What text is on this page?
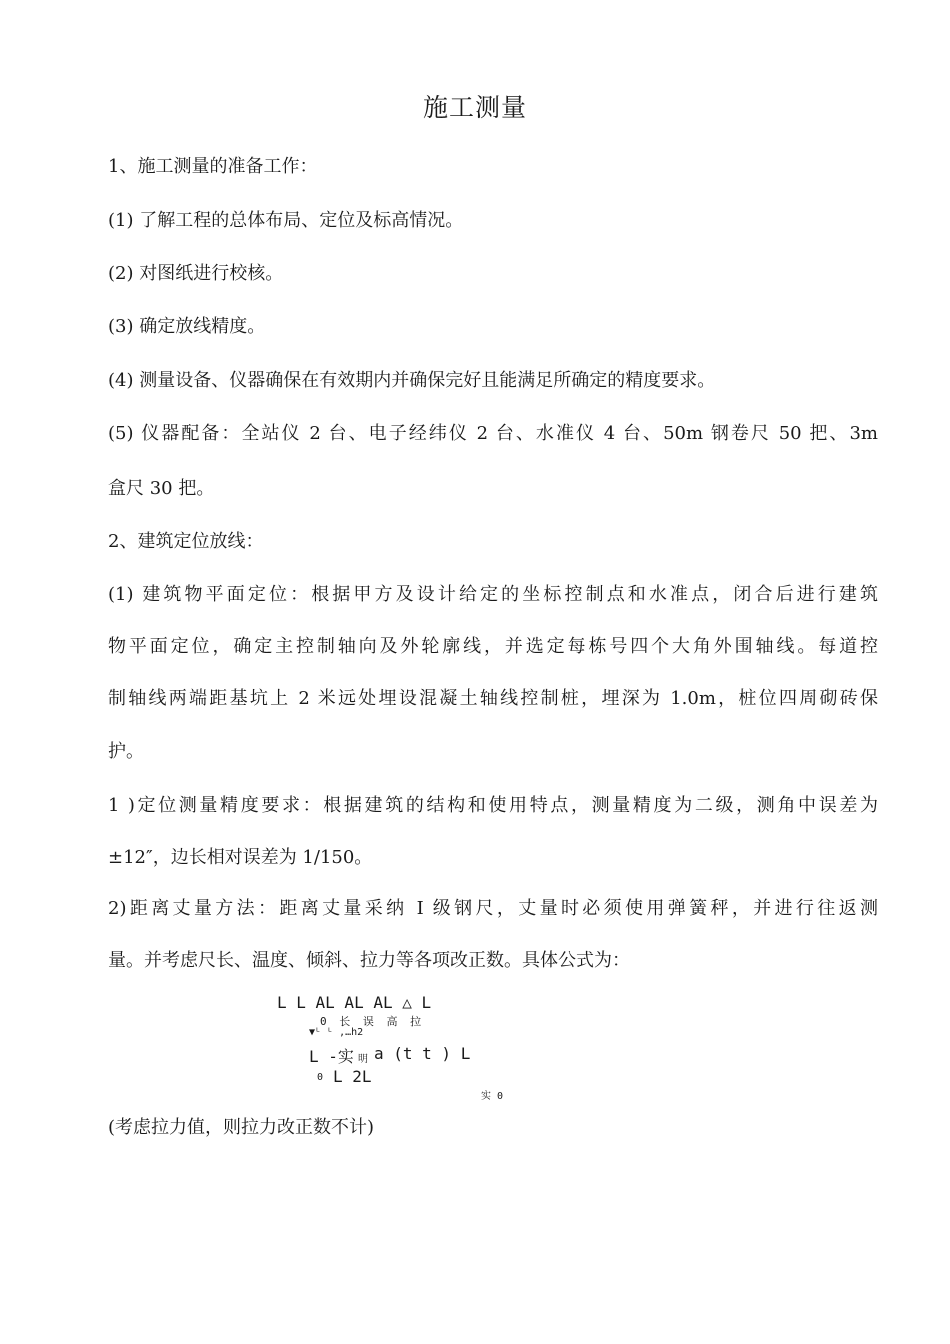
施工测量
1、施工测量的准备工作：
(1) 了解工程的总体布局、定位及标高情况。
(2) 对图纸进行校核。
(3) 确定放线精度。
(4) 测量设备、仪器确保在有效期内并确保完好且能满足所确定的精度要求。
(5) 仪器配备：全站仪 2 台、电子经纬仪 2 台、水准仪 4 台、50m 钢卷尺 50 把、3m
盒尺 30 把。
2、建筑定位放线：
(1) 建筑物平面定位：根据甲方及设计给定的坐标控制点和水准点，闭合后进行建筑
物平面定位，确定主控制轴向及外轮廓线，并选定每栋号四个大角外围轴线。每道控
制轴线两端距基坑上 2 米远处埋设混凝土轴线控制桩，埋深为 1.0m，桩位四周砌砖保
护。
1 )定位测量精度要求：根据建筑的结构和使用特点，测量精度为二级，测角中误差为
±12″，边长相对误差为 1/150。
2)距离丈量方法：距离丈量采纳 I 级钢尺，丈量时必须使用弹簧秤，并进行往返测
量。并考虑尺长、温度、倾斜、拉力等各项改正数。具体公式为：
L L AL AL AL △ L
0 长 误 高 拉
▼ᴸ ᴸ ,…h2
L -实 明 a (t t ) L
0 L 2L
实 0
(考虑拉力值，则拉力改正数不计)
